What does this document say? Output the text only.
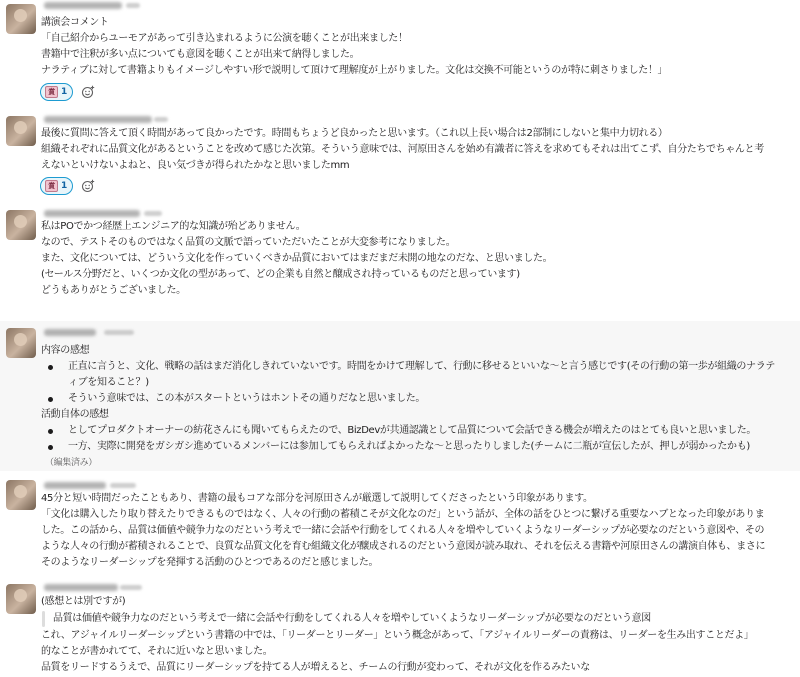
講演会コメント
「自己紹介からユーモアがあって引き込まれるように公演を聴くことが出来ました！
書籍中で注釈が多い点についても意図を聴くことが出来て納得しました。
ナラティブに対して書籍よりもイメージしやすい形で説明して頂けて理解度が上がりました。文化は交換不可能というのが特に刺さりました！」
賞 1
最後に質問に答えて頂く時間があって良かったです。時間もちょうど良かったと思います。（これ以上長い場合は2部制にしないと集中力切れる）
組織それぞれに品質文化があるということを改めて感じた次第。そういう意味では、河原田さんを始め有識者に答えを求めてもそれは出てこず、自分たちでちゃんと考
えないといけないよねと、良い気づきが得られたかなと思いましたmm
賞 1
私はPOでかつ経歴上エンジニア的な知識が殆どありません。
なので、テストそのものではなく品質の文脈で語っていただいたことが大変参考になりました。
また、文化については、どういう文化を作っていくべきか品質においてはまだまだ未開の地なのだな、と思いました。
(セールス分野だと、いくつか文化の型があって、どの企業も自然と醸成され持っているものだと思っています)
どうもありがとうございました。
内容の感想
正直に言うと、文化、戦略の話はまだ消化しきれていないです。時間をかけて理解して、行動に移せるといいな〜と言う感じです(その行動の第一歩が組織のナラテ
ィブを知ること？)
そういう意味では、この本がスタートというはホントその通りだなと思いました。
活動自体の感想
としてプロダクトオーナーの紡花さんにも聞いてもらえたので、BizDevが共通認識として品質について会話できる機会が増えたのはとても良いと思いました。
一方、実際に開発をガシガシ進めているメンバーには参加してもらえればよかったな〜と思ったりしました(チームに二瓶が宣伝したが、押しが弱かったかも)
（編集済み）
45分と短い時間だったこともあり、書籍の最もコアな部分を河原田さんが厳選して説明してくださったという印象があります。
「文化は購入したり取り替えたりできるものではなく、人々の行動の蓄積こそが文化なのだ」という話が、全体の話をひとつに繋げる重要なハブとなった印象がありま
した。この話から、品質は価値や競争力なのだという考えで一緒に会話や行動をしてくれる人々を増やしていくようなリーダーシップが必要なのだという意図や、その
ような人々の行動が蓄積されることで、良質な品質文化を育む組織文化が醸成されるのだという意図が読み取れ、それを伝える書籍や河原田さんの講演自体も、まさに
そのようなリーダーシップを発揮する活動のひとつであるのだと感じました。
(感想とは別ですが)
品質は価値や競争力なのだという考えで一緒に会話や行動をしてくれる人々を増やしていくようなリーダーシップが必要なのだという意図
これ、アジャイルリーダーシップという書籍の中では、「リーダーとリーダー」という概念があって、「アジャイルリーダーの責務は、リーダーを生み出すことだよ」
的なことが書かれてて、それに近いなと思いました。
品質をリードするうえで、品質にリーダーシップを持てる人が増えると、チームの行動が変わって、それが文化を作るみたいな
